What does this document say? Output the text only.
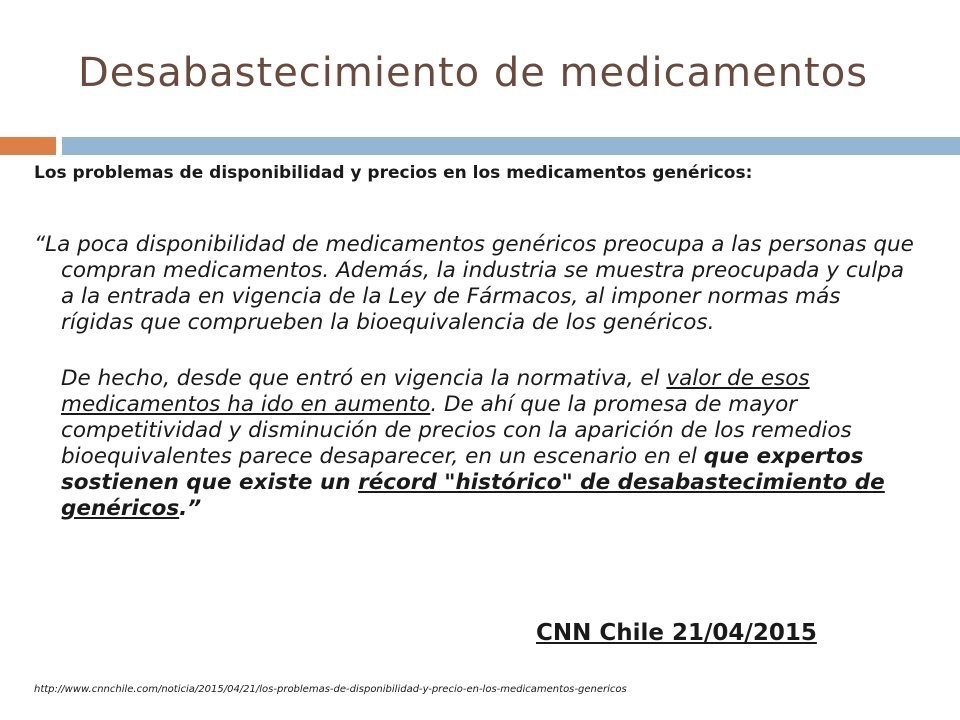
Desabastecimiento de medicamentos
Los problemas de disponibilidad y precios en los medicamentos genéricos:

“La poca disponibilidad de medicamentos genéricos preocupa a las personas que compran medicamentos. Además, la industria se muestra preocupada y culpa a la entrada en vigencia de la Ley de Fármacos, al imponer normas más rígidas que comprueben la bioequivalencia de los genéricos.

De hecho, desde que entró en vigencia la normativa, el valor de esos medicamentos ha ido en aumento. De ahí que la promesa de mayor competitividad y disminución de precios con la aparición de los remedios bioequivalentes parece desaparecer, en un escenario en el que expertos sostienen que existe un récord "histórico" de desabastecimiento de genéricos.”

CNN Chile 21/04/2015
http://www.cnnchile.com/noticia/2015/04/21/los-problemas-de-disponibilidad-y-precio-en-los-medicamentos-genericos
